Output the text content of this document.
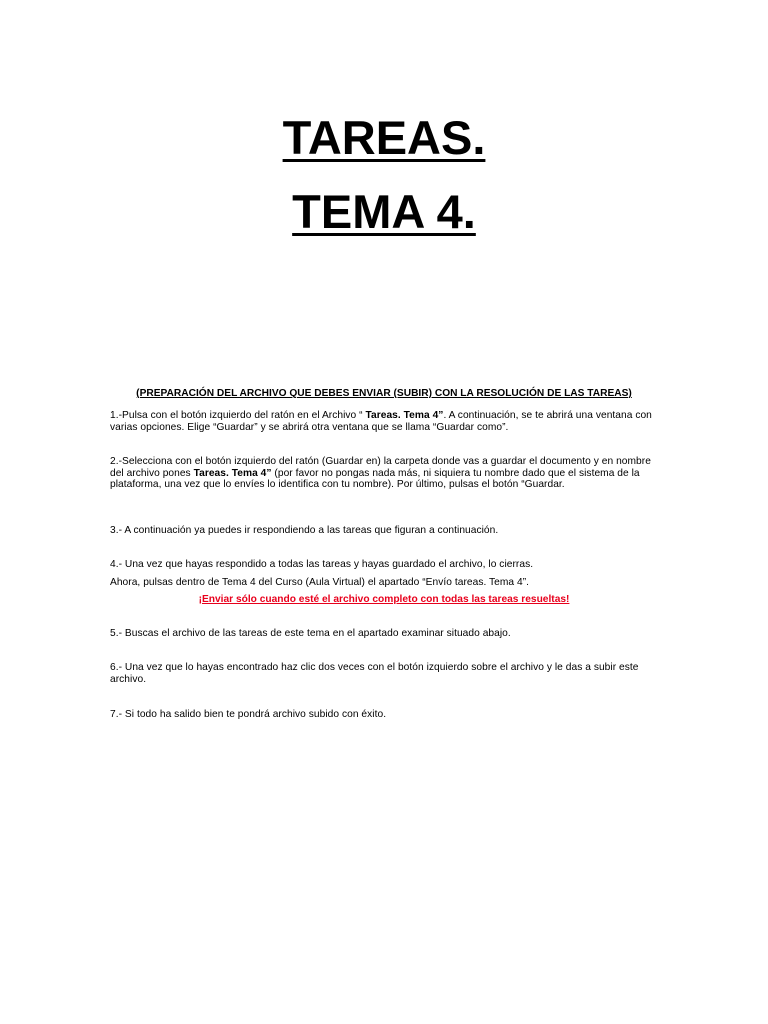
TAREAS.
TEMA 4.

(PREPARACIÓN DEL ARCHIVO QUE DEBES ENVIAR (SUBIR) CON LA RESOLUCIÓN DE LAS TAREAS)

1.-Pulsa con el botón izquierdo del ratón en el Archivo “ Tareas. Tema 4”. A continuación, se te abrirá una ventana con varias opciones. Elige “Guardar” y se abrirá otra ventana que se llama “Guardar como”.

2.-Selecciona con el botón izquierdo del ratón (Guardar en) la carpeta donde vas a guardar el documento y en nombre del archivo pones Tareas. Tema 4” (por favor no pongas nada más, ni siquiera tu nombre dado que el sistema de la plataforma, una vez que lo envíes lo identifica con tu nombre). Por último, pulsas el botón “Guardar.

3.- A continuación ya puedes ir respondiendo a las tareas que figuran a continuación.

4.- Una vez que hayas respondido a todas las tareas y hayas guardado el archivo, lo cierras.

Ahora, pulsas dentro de Tema 4 del Curso (Aula Virtual) el apartado “Envío tareas. Tema 4”.

¡Enviar sólo cuando esté el archivo completo con todas las tareas resueltas!

5.- Buscas el archivo de las tareas de este tema en el apartado examinar situado abajo.

6.- Una vez que lo hayas encontrado haz clic dos veces con el botón izquierdo sobre el archivo y le das a subir este archivo.

7.- Si todo ha salido bien te pondrá archivo subido con éxito.
